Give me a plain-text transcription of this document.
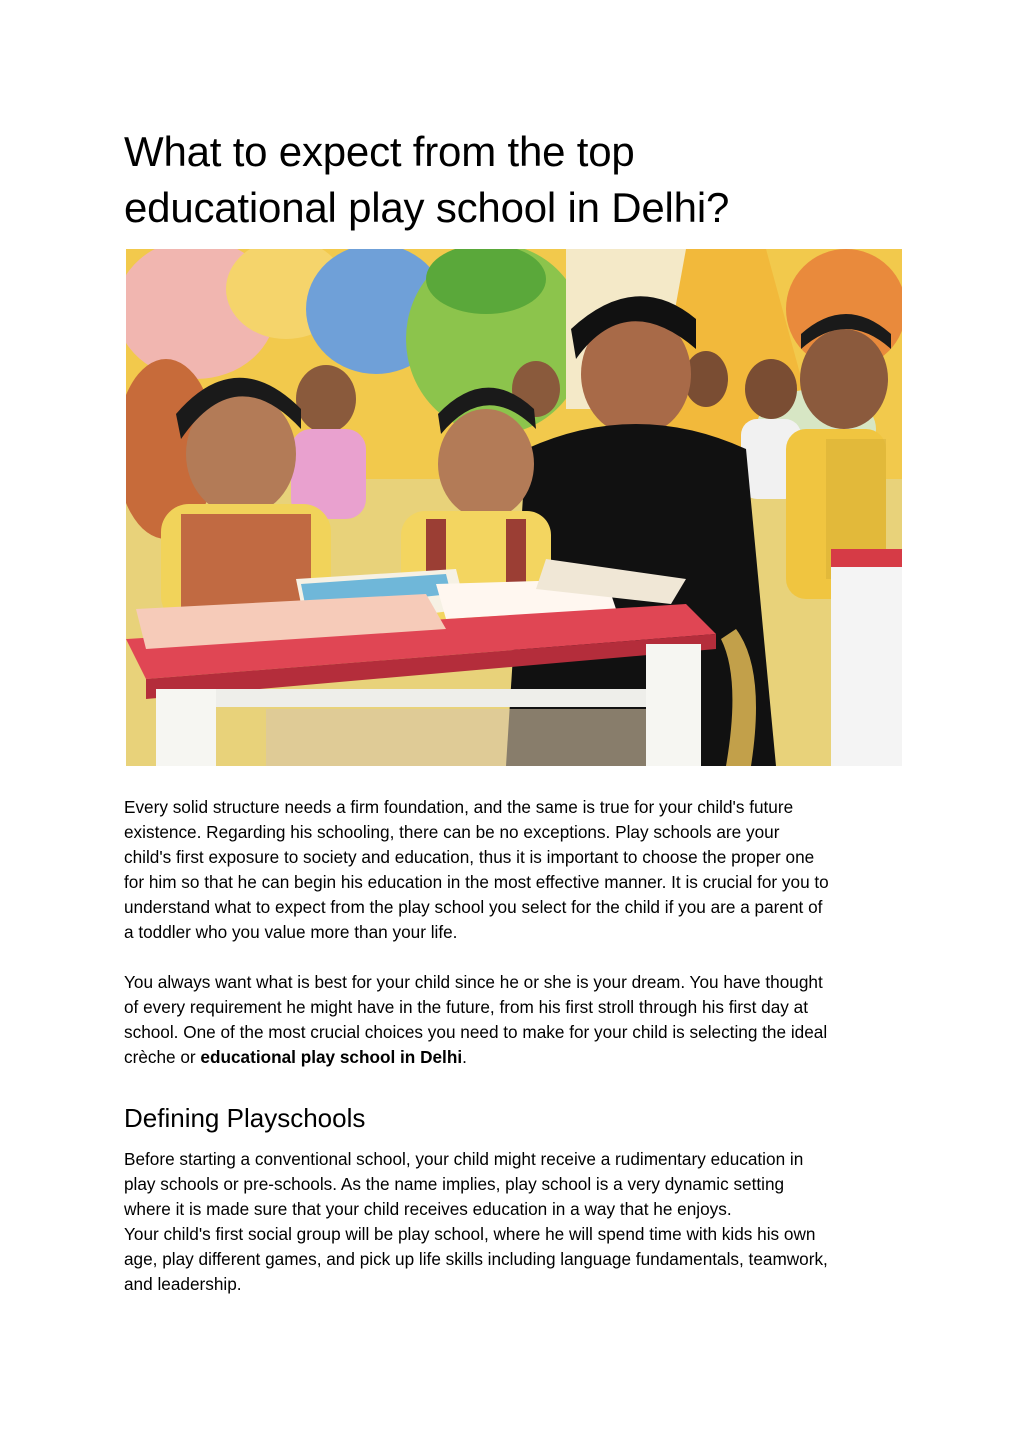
What to expect from the top
educational play school in Delhi?

Every solid structure needs a firm foundation, and the same is true for your child's future
existence. Regarding his schooling, there can be no exceptions. Play schools are your
child's first exposure to society and education, thus it is important to choose the proper one
for him so that he can begin his education in the most effective manner. It is crucial for you to
understand what to expect from the play school you select for the child if you are a parent of
a toddler who you value more than your life.

You always want what is best for your child since he or she is your dream. You have thought
of every requirement he might have in the future, from his first stroll through his first day at
school. One of the most crucial choices you need to make for your child is selecting the ideal
crèche or educational play school in Delhi.

Defining Playschools

Before starting a conventional school, your child might receive a rudimentary education in
play schools or pre-schools. As the name implies, play school is a very dynamic setting
where it is made sure that your child receives education in a way that he enjoys.
Your child's first social group will be play school, where he will spend time with kids his own
age, play different games, and pick up life skills including language fundamentals, teamwork,
and leadership.
